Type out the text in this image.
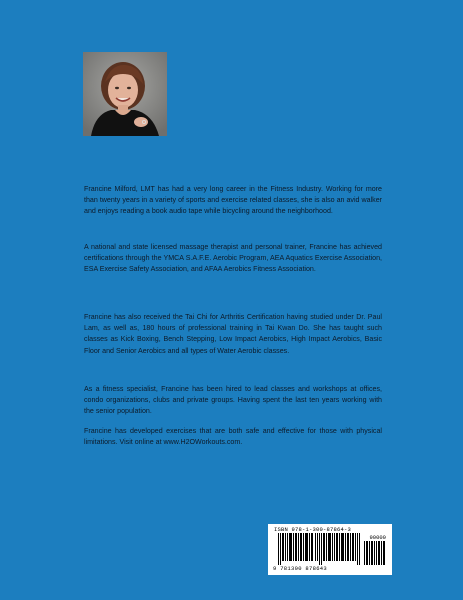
Francine Milford, LMT has had a very long career in the Fitness Industry. Working for more than twenty years in a variety of sports and exercise related classes, she is also an avid walker and enjoys reading a book audio tape while bicycling around the neighborhood.

A national and state licensed massage therapist and personal trainer, Francine has achieved certifications through the YMCA S.A.F.E. Aerobic Program, AEA Aquatics Exercise Association, ESA Exercise Safety Association, and AFAA Aerobics Fitness Association.

Francine has also received the Tai Chi for Arthritis Certification having studied under Dr. Paul Lam, as well as, 180 hours of professional training in Tai Kwan Do. She has taught such classes as Kick Boxing, Bench Stepping, Low Impact Aerobics, High Impact Aerobics, Basic Floor and Senior Aerobics and all types of Water Aerobic classes.

As a fitness specialist, Francine has been hired to lead classes and workshops at offices, condo organizations, clubs and private groups. Having spent the last ten years working with the senior population.

Francine has developed exercises that are both safe and effective for those with physical limitations. Visit online at www.H2OWorkouts.com.

ISBN 978-1-300-87864-3
90000
9 781300 878643
